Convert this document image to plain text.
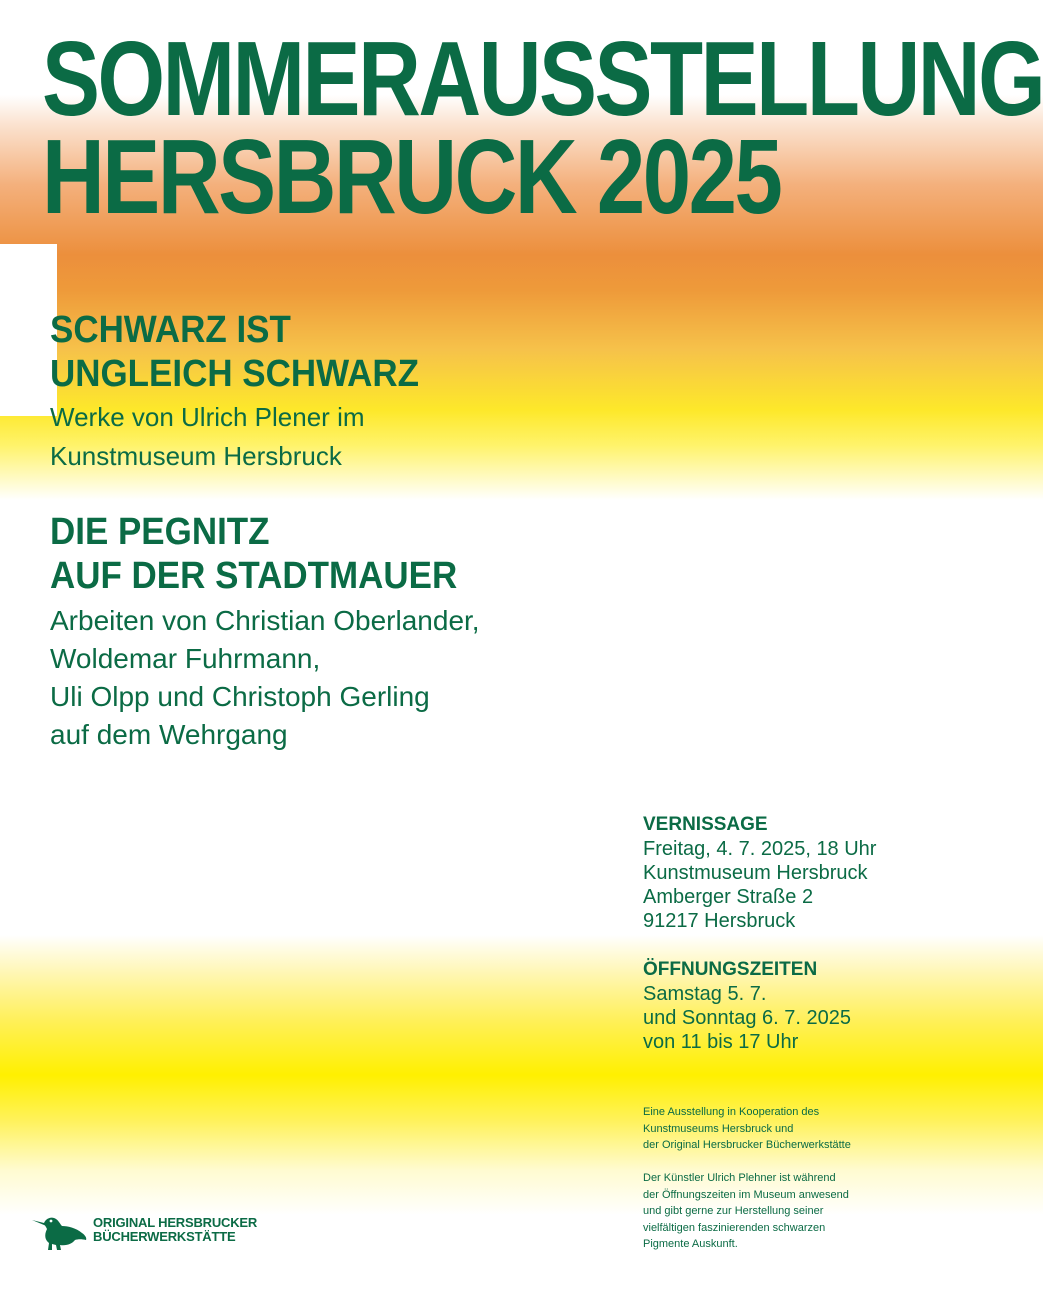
SOMMERAUSSTELLUNG
HERSBRUCK 2025
SCHWARZ IST
UNGLEICH SCHWARZ
Werke von Ulrich Plener im
Kunstmuseum Hersbruck
DIE PEGNITZ
AUF DER STADTMAUER
Arbeiten von Christian Oberlander,
Woldemar Fuhrmann,
Uli Olpp und Christoph Gerling
auf dem Wehrgang
VERNISSAGE
Freitag, 4. 7. 2025, 18 Uhr
Kunstmuseum Hersbruck
Amberger Straße 2
91217 Hersbruck
ÖFFNUNGSZEITEN
Samstag 5. 7.
und Sonntag 6. 7. 2025
von 11 bis 17 Uhr
Eine Ausstellung in Kooperation des
Kunstmuseums Hersbruck und
der Original Hersbrucker Bücherwerkstätte
Der Künstler Ulrich Plehner ist während
der Öffnungszeiten im Museum anwesend
und gibt gerne zur Herstellung seiner
vielfältigen faszinierenden schwarzen
Pigmente Auskunft.
ORIGINAL HERSBRUCKER
BÜCHERWERKSTÄTTE
